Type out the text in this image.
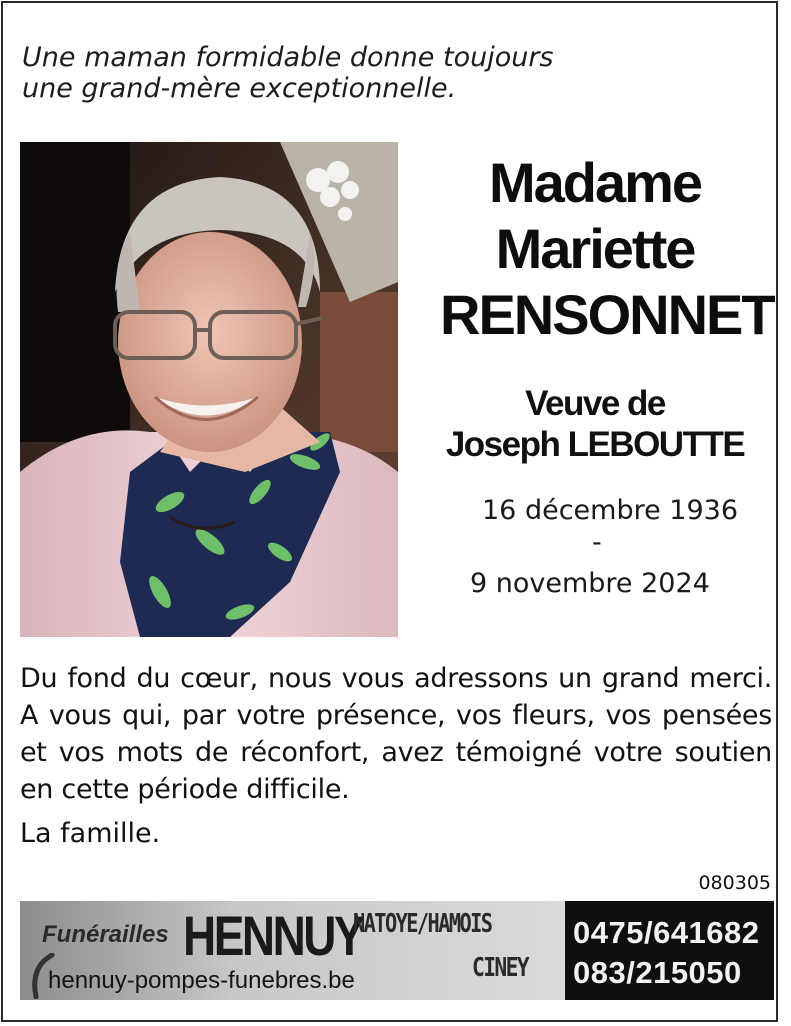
Une maman formidable donne toujours
une grand-mère exceptionnelle.
Madame
Mariette
RENSONNET
Veuve de
Joseph LEBOUTTE
16 décembre 1936
-
9 novembre 2024
Du fond du cœur, nous vous adressons un grand merci. A vous qui, par votre présence, vos fleurs, vos pensées et vos mots de réconfort, avez témoigné votre soutien en cette période difficile.
La famille.
080305
Funérailles HENNUY
NATOYE/HAMOIS
CINEY
hennuy-pompes-funebres.be
0475/641682
083/215050
